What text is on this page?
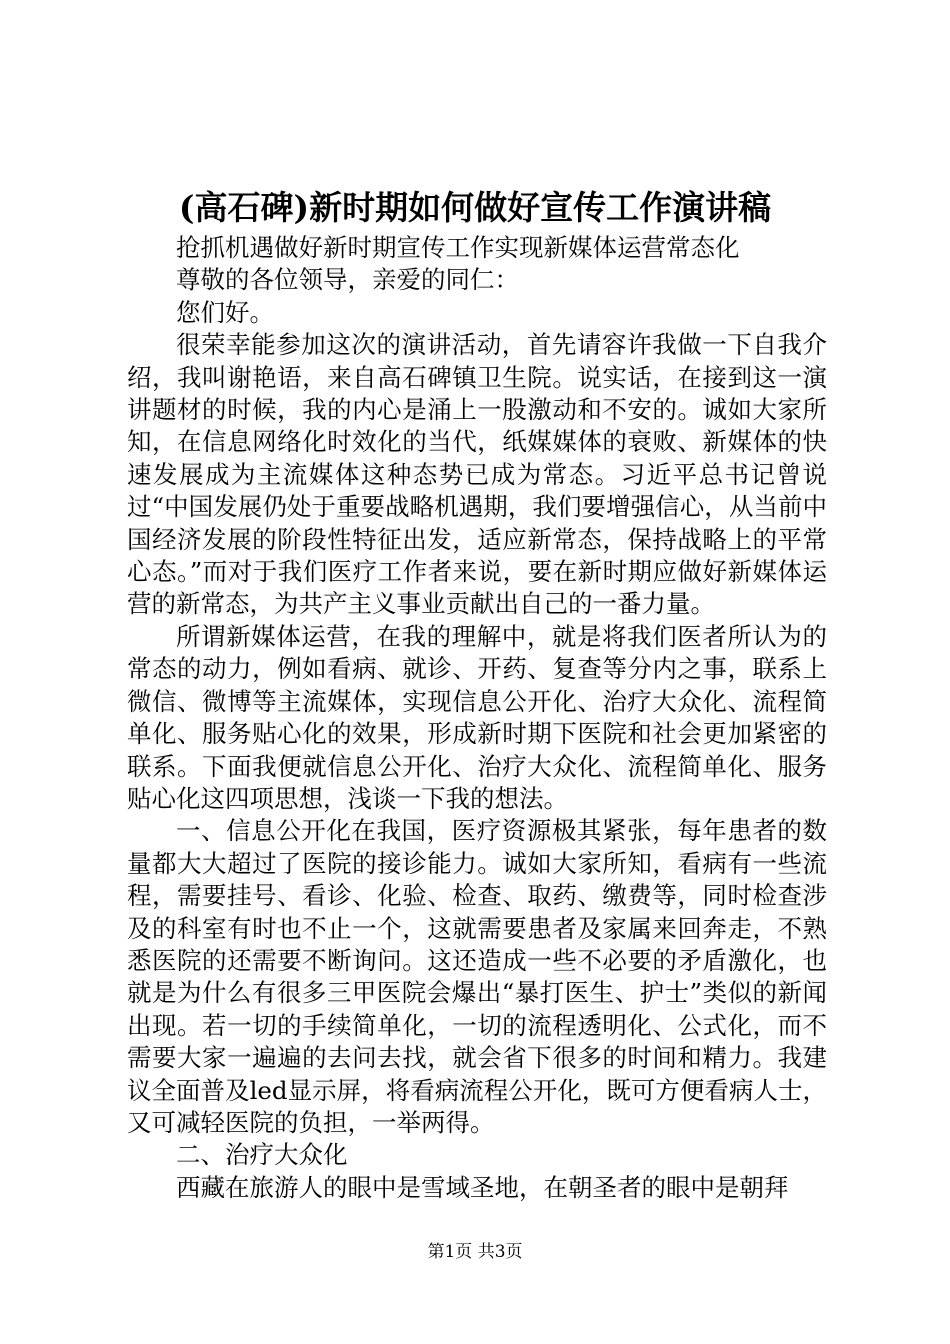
(高石碑)新时期如何做好宣传工作演讲稿

抢抓机遇做好新时期宣传工作实现新媒体运营常态化

尊敬的各位领导，亲爱的同仁：

您们好。

很荣幸能参加这次的演讲活动，首先请容许我做一下自我介绍，我叫谢艳语，来自高石碑镇卫生院。说实话，在接到这一演讲题材的时候，我的内心是涌上一股激动和不安的。诚如大家所知，在信息网络化时效化的当代，纸媒媒体的衰败、新媒体的快速发展成为主流媒体这种态势已成为常态。习近平总书记曾说过“中国发展仍处于重要战略机遇期，我们要增强信心，从当前中国经济发展的阶段性特征出发，适应新常态，保持战略上的平常心态。”而对于我们医疗工作者来说，要在新时期应做好新媒体运营的新常态，为共产主义事业贡献出自己的一番力量。

所谓新媒体运营，在我的理解中，就是将我们医者所认为的常态的动力，例如看病、就诊、开药、复查等分内之事，联系上微信、微博等主流媒体，实现信息公开化、治疗大众化、流程简单化、服务贴心化的效果，形成新时期下医院和社会更加紧密的联系。下面我便就信息公开化、治疗大众化、流程简单化、服务贴心化这四项思想，浅谈一下我的想法。

一、信息公开化在我国，医疗资源极其紧张，每年患者的数量都大大超过了医院的接诊能力。诚如大家所知，看病有一些流程，需要挂号、看诊、化验、检查、取药、缴费等，同时检查涉及的科室有时也不止一个，这就需要患者及家属来回奔走，不熟悉医院的还需要不断询问。这还造成一些不必要的矛盾激化，也就是为什么有很多三甲医院会爆出“暴打医生、护士”类似的新闻出现。若一切的手续简单化，一切的流程透明化、公式化，而不需要大家一遍遍的去问去找，就会省下很多的时间和精力。我建议全面普及led显示屏，将看病流程公开化，既可方便看病人士，又可减轻医院的负担，一举两得。

二、治疗大众化

西藏在旅游人的眼中是雪域圣地，在朝圣者的眼中是朝拜

第1页 共3页
